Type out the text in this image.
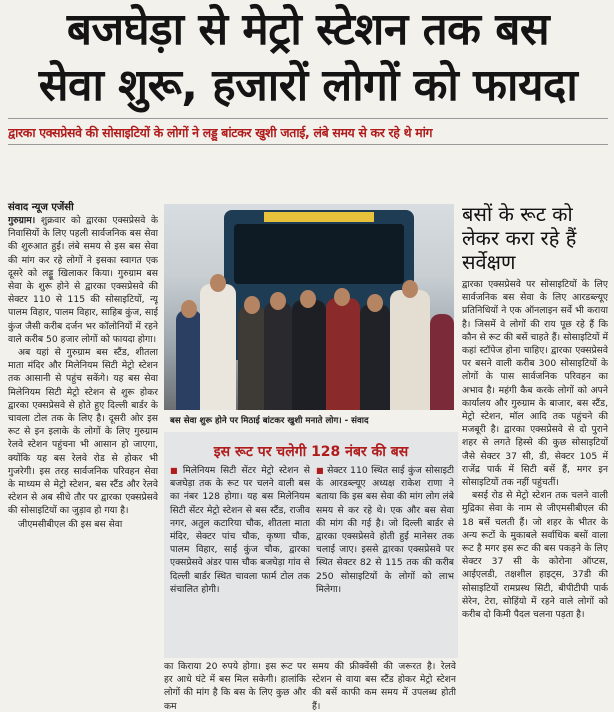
बजघेड़ा से मेट्रो स्टेशन तक बस
सेवा शुरू, हजारों लोगों को फायदा
द्वारका एक्सप्रेसवे की सोसाइटियों के लोगों ने लड्डू बांटकर खुशी जताई, लंबे समय से कर रहे थे मांग
संवाद न्यूज एजेंसी

गुरुग्राम। शुक्रवार को द्वारका एक्सप्रेसवे के निवासियों के लिए पहली सार्वजनिक बस सेवा की शुरुआत हुई। लंबे समय से इस बस सेवा की मांग कर रहे लोगों ने इसका स्वागत एक दूसरे को लड्डू खिलाकर किया। गुरुग्राम बस सेवा के शुरू होने से द्वारका एक्सप्रेसवे की सेक्टर 110 से 115 की सोसाइटियों, न्यू पालम विहार, पालम विहार, साहिब कुंज, साई कुंज जैसी करीब दर्जन भर कॉलोनियों में रहने वाले करीब 50 हजार लोगों को फायदा होगा।

अब यहां से गुरुग्राम बस स्टैंड, शीतला माता मंदिर और मिलेनियम सिटी मेट्रो स्टेशन तक आसानी से पहुंच सकेंगे। यह बस सेवा मिलेनियम सिटी मेट्रो स्टेशन से शुरू होकर द्वारका एक्सप्रेसवे से होते हुए दिल्ली बार्डर के चावला टोल तक के लिए है। दूसरी ओर इस रूट से इन इलाके के लोगों के लिए गुरुग्राम रेलवे स्टेशन पहुंचना भी आसान हो जाएगा, क्योंकि यह बस रेलवे रोड से होकर भी गुजरेगी। इस तरह सार्वजनिक परिवहन सेवा के माध्यम से मेट्रो स्टेशन, बस स्टैंड और रेलवे स्टेशन से अब सीधे तौर पर द्वारका एक्सप्रेसवे की सोसाइटियों का जुड़ाव हो गया है।

जीएमसीबीएल की इस बस सेवा

बस सेवा शुरू होने पर मिठाई बांटकर खुशी मनाते लोग। - संवाद
इस रूट पर चलेगी 128 नंबर की बस

■ मिलेनियम सिटी सेंटर मेट्रो स्टेशन से बजघेड़ा तक के रूट पर चलने वाली बस का नंबर 128 होगा। यह बस मिलेनियम सिटी सेंटर मेट्रो स्टेशन से बस स्टैंड, राजीव नगर, अतुल कटारिया चौक, शीतला माता मंदिर, सेक्टर पांच चौक, कृष्णा चौक, पालम विहार, साई कुंज चौक, द्वारका एक्सप्रेसवे अंडर पास चौक बजघेड़ा गांव से दिल्ली बार्डर स्थित चावला फार्म टोल तक संचालित होगी।

■ सेक्टर 110 स्थित साई कुंज सोसाइटी के आरडब्ल्यूए अध्यक्ष राकेश राणा ने बताया कि इस बस सेवा की मांग लोग लंबे समय से कर रहे थे। एक और बस सेवा की मांग की गई है। जो दिल्ली बार्डर से द्वारका एक्सप्रेसवे होती हुई मानेसर तक चलाई जाए। इससे द्वारका एक्सप्रेसवे पर स्थित सेक्टर 82 से 115 तक की करीब 250 सोसाइटियों के लोगों को लाभ मिलेगा।

का किराया 20 रुपये होगा। इस रूट पर हर आधे घंटे में बस मिल सकेगी। हालांकि लोगों की मांग है कि बस के लिए कुछ और कम
समय की फ्रीक्वेंसी की जरूरत है। रेलवे स्टेशन से वाया बस स्टैंड होकर मेट्रो स्टेशन की बसें काफी कम समय में उपलब्ध होती हैं।
बसों के रूट को लेकर करा रहे हैं सर्वेक्षण

द्वारका एक्सप्रेसवे पर सोसाइटियों के लिए सार्वजनिक बस सेवा के लिए आरडब्ल्यूए प्रतिनिधियों ने एक ऑनलाइन सर्वे भी कराया है। जिसमें वे लोगों की राय पूछ रहे हैं कि कौन से रूट की बसें चाहते हैं। सोसाइटियों में कहां स्टॉपेज होना चाहिए। द्वारका एक्सप्रेसवे पर बसने वाली करीब 300 सोसाइटियों के लोगों के पास सार्वजनिक परिवहन का अभाव है। महंगी कैब करके लोगों को अपने कार्यालय और गुरुग्राम के बाजार, बस स्टैंड, मेट्रो स्टेशन, मॉल आदि तक पहुंचने की मजबूरी है। द्वारका एक्सप्रेसवे से दो पुराने शहर से लगते हिस्से की कुछ सोसाइटियों जैसे सेक्टर 37 सी, डी, सेक्टर 105 में राजेंद्र पार्क में सिटी बसें हैं, मगर इन सोसाइटियों तक नहीं पहुंचतीं।

बसई रोड से मेट्रो स्टेशन तक चलने वाली मुद्रिका सेवा के नाम से जीएमसीबीएल की 18 बसें चलती हैं। जो शहर के भीतर के अन्य रूटों के मुकाबले सर्वाधिक बसों वाला रूट है मगर इस रूट की बस पकड़ने के लिए सेक्टर 37 सी के कोरोना ऑप्टस, आईएलडी, तक्षशील हाइट्स, 37डी की सोसाइटियों रामप्रस्थ सिटी, बीपीटीपी पार्क सेरेन, टेरा, सोहिंयो में रहने वाले लोगों को करीब दो किमी पैदल चलना पड़ता है।
